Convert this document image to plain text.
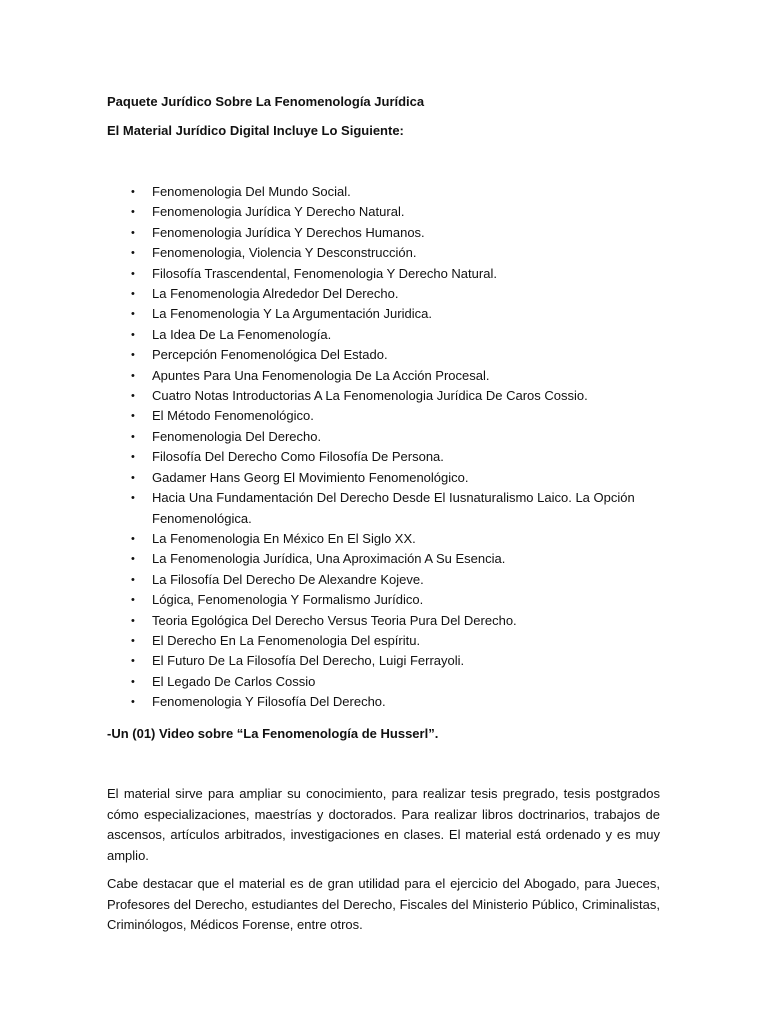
Paquete Jurídico Sobre La Fenomenología Jurídica

El Material Jurídico Digital Incluye Lo Siguiente:

• Fenomenologia Del Mundo Social.
• Fenomenologia Jurídica Y Derecho Natural.
• Fenomenologia Jurídica Y Derechos Humanos.
• Fenomenologia, Violencia Y Desconstrucción.
• Filosofía Trascendental, Fenomenologia Y Derecho Natural.
• La Fenomenologia Alrededor Del Derecho.
• La Fenomenologia Y La Argumentación Juridica.
• La Idea De La Fenomenología.
• Percepción Fenomenológica Del Estado.
• Apuntes Para Una Fenomenologia De La Acción Procesal.
• Cuatro Notas Introductorias A La Fenomenologia Jurídica De Caros Cossio.
• El Método Fenomenológico.
• Fenomenologia Del Derecho.
• Filosofía Del Derecho Como Filosofía De Persona.
• Gadamer Hans Georg El Movimiento Fenomenológico.
• Hacia Una Fundamentación Del Derecho Desde El Iusnaturalismo Laico. La Opción Fenomenológica.
• La Fenomenologia En México En El Siglo XX.
• La Fenomenologia Jurídica, Una Aproximación A Su Esencia.
• La Filosofía Del Derecho De Alexandre Kojeve.
• Lógica, Fenomenologia Y Formalismo Jurídico.
• Teoria Egológica Del Derecho Versus Teoria Pura Del Derecho.
• El Derecho En La Fenomenologia Del espíritu.
• El Futuro De La Filosofía Del Derecho, Luigi Ferrayoli.
• El Legado De Carlos Cossio
• Fenomenologia Y Filosofía Del Derecho.
-Un (01) Video sobre “La Fenomenología de Husserl”.
El material sirve para ampliar su conocimiento, para realizar tesis pregrado, tesis postgrados cómo especializaciones, maestrías y doctorados. Para realizar libros doctrinarios, trabajos de ascensos, artículos arbitrados, investigaciones en clases. El material está ordenado y es muy amplio.
Cabe destacar que el material es de gran utilidad para el ejercicio del Abogado, para Jueces, Profesores del Derecho, estudiantes del Derecho, Fiscales del Ministerio Público, Criminalistas, Criminólogos, Médicos Forense, entre otros.
